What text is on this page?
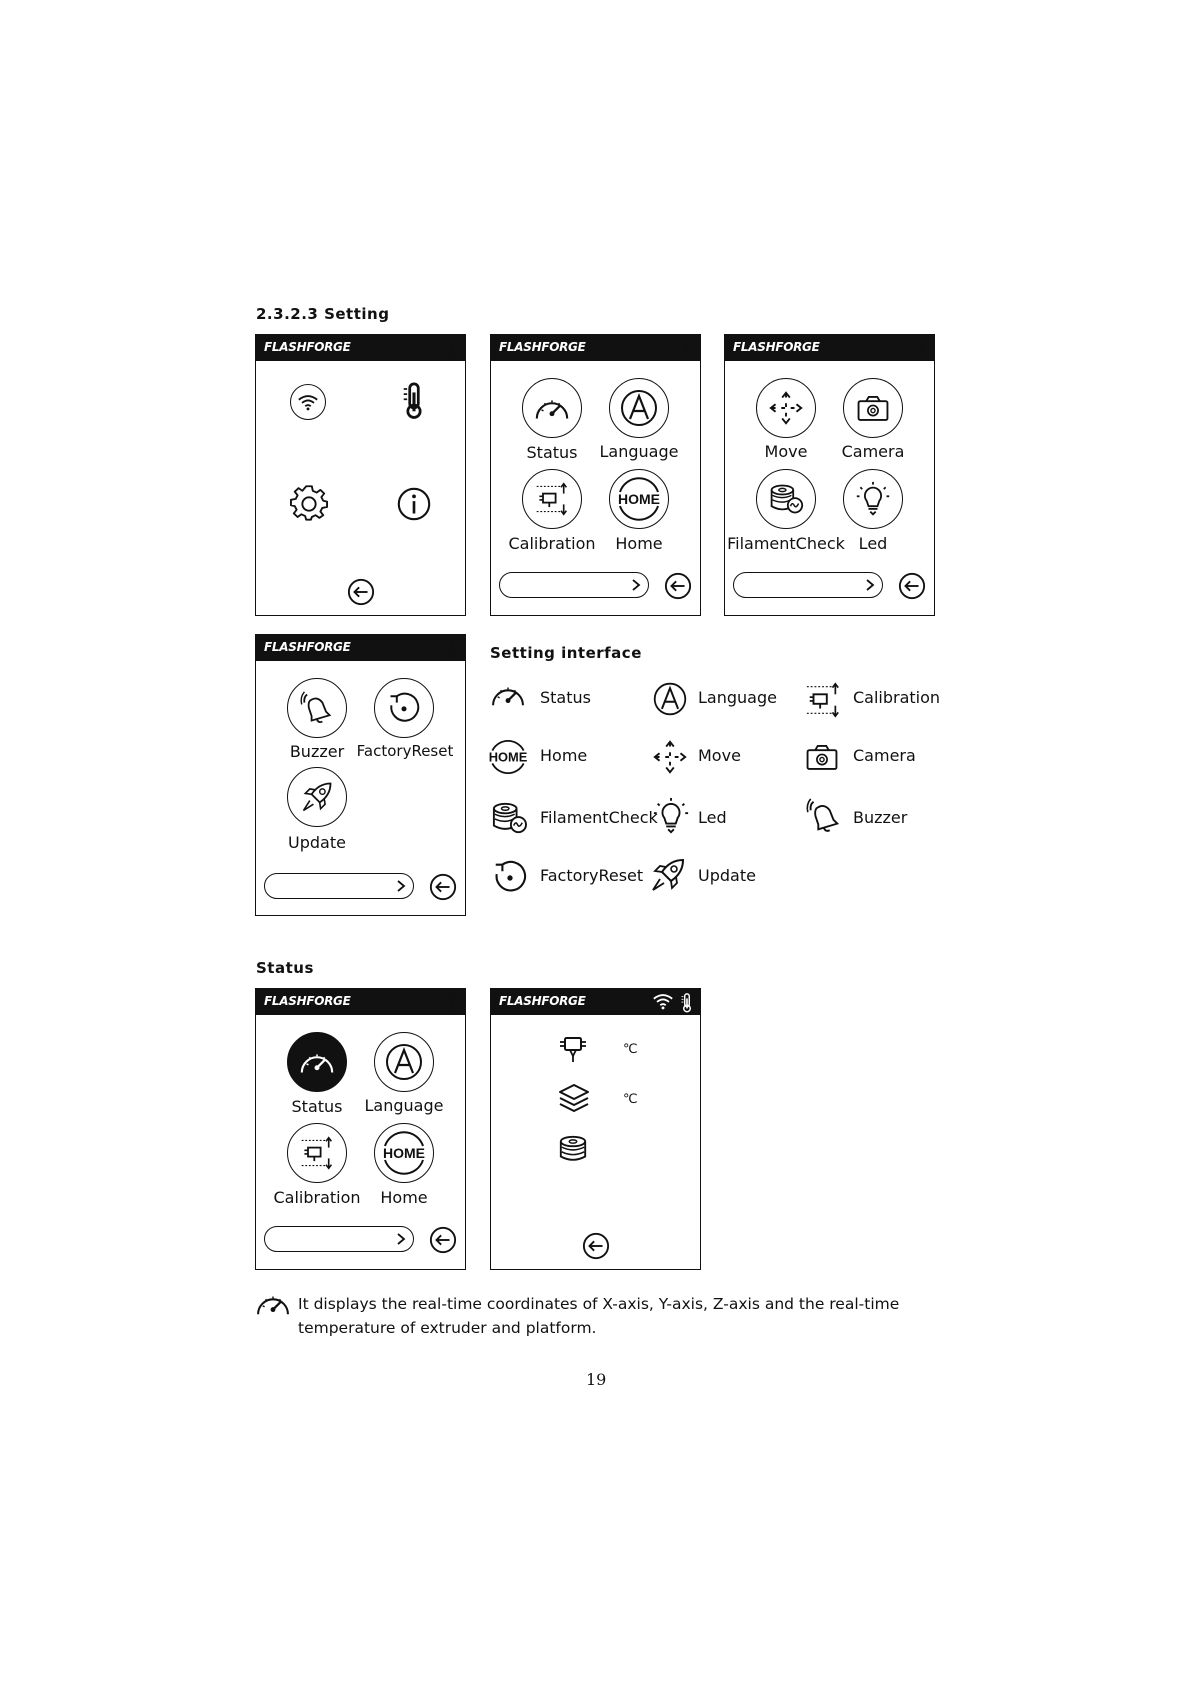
2.3.2.3 Setting
FLASHFORGE	FLASHFORGE
Status Language
Calibration
HOME
Home
FLASHFORGE
Move Camera
FilamentCheck Led
FLASHFORGE
Buzzer FactoryReset
Update
Setting interface
Status	Language	Calibration
HOME Home	Move	Camera
FilamentCheck	Led	Buzzer
FactoryReset	Update
Status
FLASHFORGE
Status Language
Calibration
HOME
Home
FLASHFORGE
℃
℃
It displays the real-time coordinates of X-axis, Y-axis, Z-axis and the real-time
temperature of extruder and platform.
19
